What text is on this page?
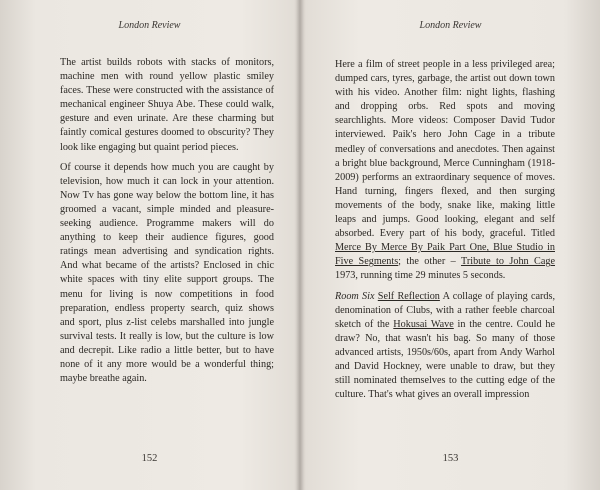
London Review

The artist builds robots with stacks of monitors, machine men with round yellow plastic smiley faces. These were constructed with the assistance of mechanical engineer Shuya Abe. These could walk, gesture and even urinate. Are these charming but faintly comical gestures doomed to obscurity? They look like engaging but quaint period pieces.

Of course it depends how much you are caught by television, how much it can lock in your attention. Now Tv has gone way below the bottom line, it has groomed a vacant, simple minded and pleasure-seeking audience. Programme makers will do anything to keep their audience figures, good ratings mean advertising and syndication rights. And what became of the artists? Enclosed in chic white spaces with tiny elite support groups. The menu for living is now competitions in food preparation, endless property search, quiz shows and sport, plus z-list celebs marshalled into jungle survival tests. It really is low, but the culture is low and decrepit. Like radio a little better, but to have none of it any more would be a wonderful thing; maybe breathe again.

152
London Review

Here a film of street people in a less privileged area; dumped cars, tyres, garbage, the artist out down town with his video. Another film: night lights, flashing and dropping orbs. Red spots and moving searchlights. More videos: Composer David Tudor interviewed. Paik's hero John Cage in a tribute medley of conversations and anecdotes. Then against a bright blue background, Merce Cunningham (1918-2009) performs an extraordinary sequence of moves. Hand turning, fingers flexed, and then surging movements of the body, snake like, making little leaps and jumps. Good looking, elegant and self absorbed. Every part of his body, graceful. Titled Merce By Merce By Paik Part One, Blue Studio in Five Segments; the other – Tribute to John Cage 1973, running time 29 minutes 5 seconds.

Room Six Self Reflection A collage of playing cards, denomination of Clubs, with a rather feeble charcoal sketch of the Hokusai Wave in the centre. Could he draw? No, that wasn't his bag. So many of those advanced artists, 1950s/60s, apart from Andy Warhol and David Hockney, were unable to draw, but they still nominated themselves to the cutting edge of the culture. That's what gives an overall impression

153
